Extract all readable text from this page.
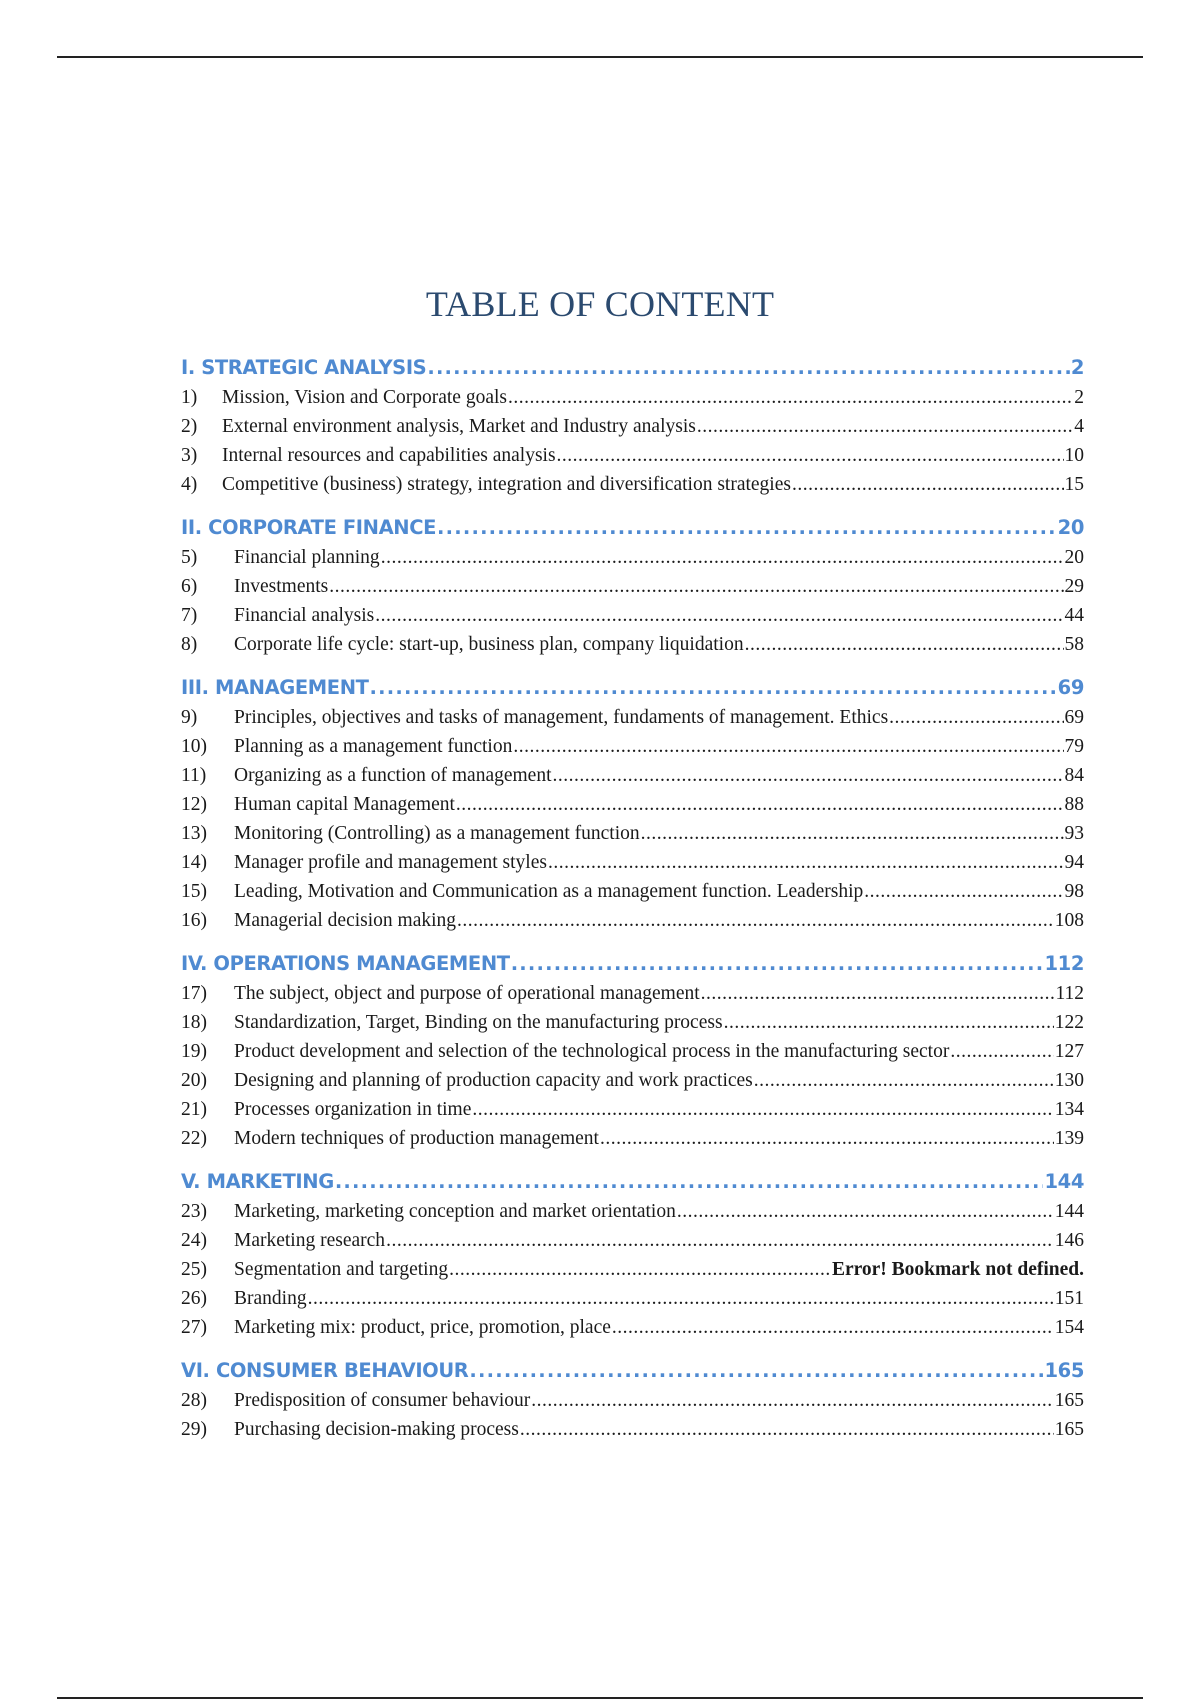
TABLE OF CONTENT
I. STRATEGIC ANALYSIS .....	2
1)	Mission, Vision and Corporate goals .....	2
2)	External environment analysis, Market and Industry analysis .....	4
3)	Internal resources and capabilities analysis .....	10
4)	Competitive (business) strategy, integration and diversification strategies .....	15
II. CORPORATE FINANCE .....	20
5)	Financial planning .....	20
6)	Investments .....	29
7)	Financial analysis .....	44
8)	Corporate life cycle: start-up, business plan, company liquidation .....	58
III. MANAGEMENT .....	69
9)	Principles, objectives and tasks of management, fundaments of management. Ethics .....	69
10)	Planning as a management function .....	79
11)	Organizing as a function of management .....	84
12)	Human capital Management .....	88
13)	Monitoring (Controlling) as a management function .....	93
14)	Manager profile and management styles .....	94
15)	Leading, Motivation and Communication as a management function. Leadership .....	98
16)	Managerial decision making .....	108
IV. OPERATIONS MANAGEMENT .....	112
17)	The subject, object and purpose of operational management .....	112
18)	Standardization, Target, Binding on the manufacturing process .....	122
19)	Product development and selection of the technological process in the manufacturing sector .....	127
20)	Designing and planning of production capacity and work practices .....	130
21)	Processes organization in time .....	134
22)	Modern techniques of production management .....	139
V. MARKETING .....	144
23)	Marketing, marketing conception and market orientation .....	144
24)	Marketing research .....	146
25)	Segmentation and targeting .....	Error! Bookmark not defined.
26)	Branding .....	151
27)	Marketing mix: product, price, promotion, place .....	154
VI. CONSUMER BEHAVIOUR .....	165
28)	Predisposition of consumer behaviour .....	165
29)	Purchasing decision-making process .....	165
